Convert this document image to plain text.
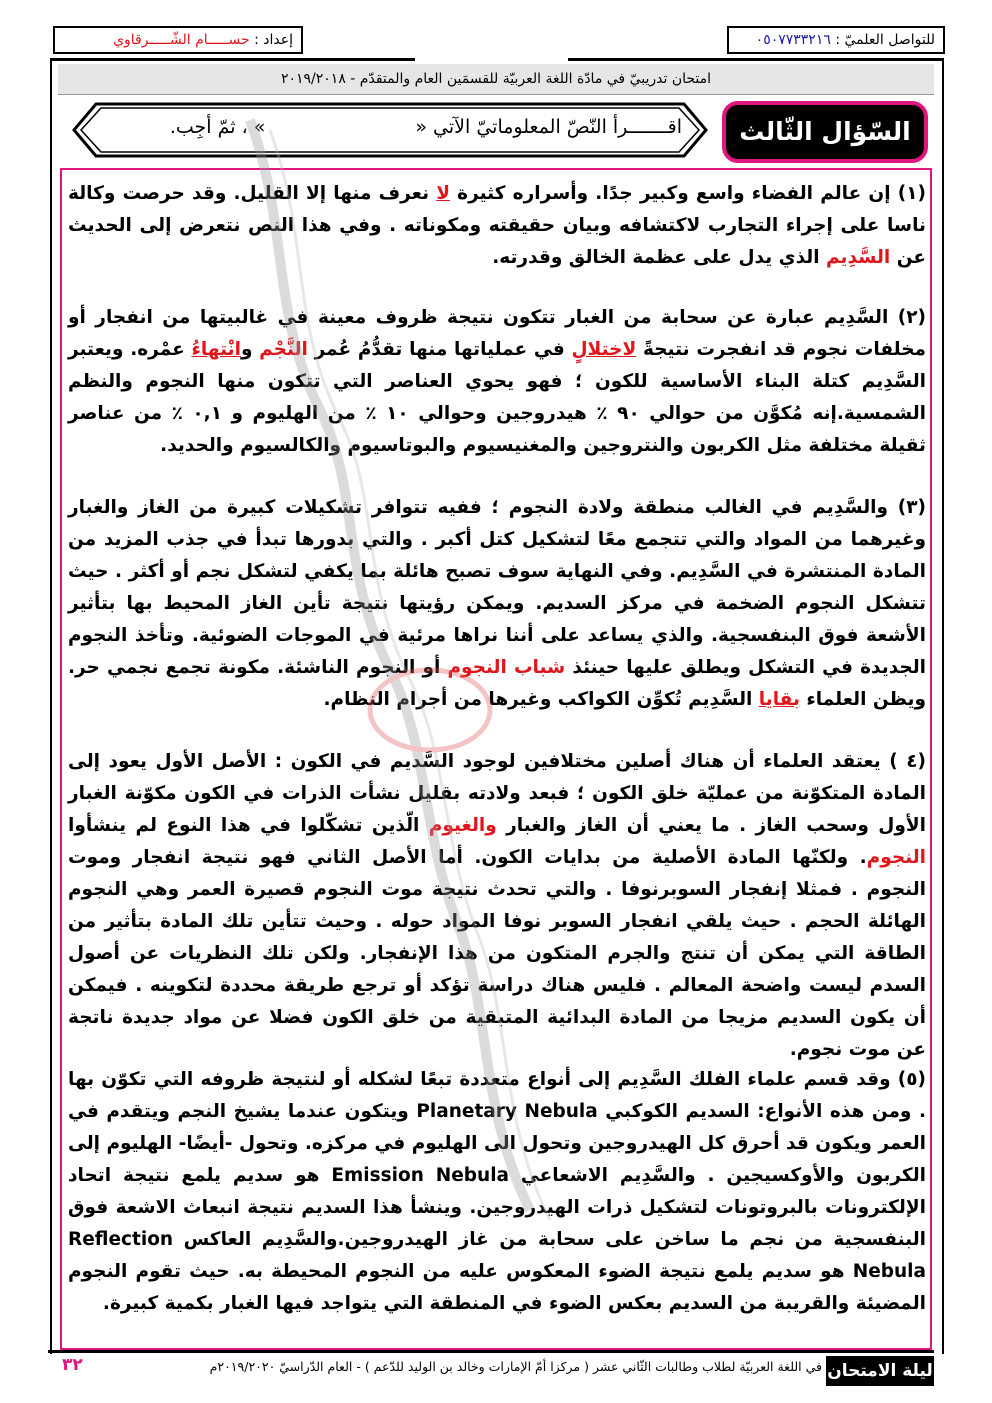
للتواصل العلميّ : ٠٥٠٧٧٣٣٢١٦
إعداد : حســـــام الشّـــــرقاوي
امتحان تدريبيّ في مادّة اللغة العربيّة للقسمَين العام والمتقدّم - ٢٠١٩/٢٠١٨
السّؤال الثّالث
اقـــــــرأ النّصّ المعلوماتيّ الآتي «» ، ثمّ أجِب.
(١) إن عالم الفضاء واسع وكبير جدًا. وأسراره كثيرة لا نعرف منها إلا القليل. وقد حرصت وكالة ناسا على إجراء التجارب لاكتشافه وبيان حقيقته ومكوناته . وفي هذا النص نتعرض إلى الحديث عن السَّدِيم الذي يدل على عظمة الخالق وقدرته.
(٢) السَّدِيم عبارة عن سحابة من الغبار تتكون نتيجة ظروف معينة في غالبيتها من انفجار أو مخلفات نجوم قد انفجرت نتيجةً لاختلالٍ في عملياتها منها تقدُّمُ عُمر النَّجْم وانْتهاءُ عمْره. ويعتبر السَّدِيم كتلة البناء الأساسية للكون ؛ فهو يحوي العناصر التي تتكون منها النجوم والنظم الشمسية.إنه مُكوَّن من حوالي ٩٠ ٪ هيدروجين وحوالي ١٠ ٪ من الهليوم و ٠,١ ٪ من عناصر ثقيلة مختلفة مثل الكربون والنتروجين والمغنيسيوم والبوتاسيوم والكالسيوم والحديد.
(٣) والسَّدِيم في الغالب منطقة ولادة النجوم ؛ ففيه تتوافر تشكيلات كبيرة من الغاز والغبار وغيرهما من المواد والتي تتجمع معًا لتشكيل كتل أكبر . والتي بدورها تبدأ في جذب المزيد من المادة المنتشرة في السَّدِيم. وفي النهاية سوف تصبح هائلة بما يكفي لتشكل نجم أو أكثر . حيث تتشكل النجوم الضخمة في مركز السديم. ويمكن رؤيتها نتيجة تأين الغاز المحيط بها بتأثير الأشعة فوق البنفسجية. والذي يساعد على أننا نراها مرئية في الموجات الضوئية. وتأخذ النجوم الجديدة في التشكل ويطلق عليها حينئذ شباب النجوم أو النجوم الناشئة. مكونة تجمع نجمي حر. ويظن العلماء بقايا السَّدِيم تُكوِّن الكواكب وغيرها من أجرام النظام.
(٤ ) يعتقد العلماء أن هناك أصلين مختلافين لوجود السَّديم في الكون : الأصل الأول يعود إلى المادة المتكوّنة من عمليّة خلق الكون ؛ فبعد ولادته بقليل نشأت الذرات في الكون مكوّنة الغبار الأول وسحب الغاز . ما يعني أن الغاز والغبار والغيوم الّذين تشكّلوا في هذا النوع لم ينشأوا النجوم. ولكنّها المادة الأصلية من بدايات الكون. أما الأصل الثاني فهو نتيجة انفجار وموت النجوم . فمثلا إنفجار السوبرنوفا . والتي تحدث نتيجة موت النجوم قصيرة العمر وهي النجوم الهائلة الحجم . حيث يلقي انفجار السوبر نوفا المواد حوله . وحيث تتأين تلك المادة بتأثير من الطاقة التي يمكن أن تنتج والجرم المتكون من هذا الإنفجار. ولكن تلك النظريات عن أصول السدم ليست واضحة المعالم . فليس هناك دراسة تؤكد أو ترجع طريقة محددة لتكوينه . فيمكن أن يكون السديم مزيجا من المادة البدائية المتبقية من خلق الكون فضلا عن مواد جديدة ناتجة عن موت نجوم.
(٥) وقد قسم علماء الفلك السَّدِيم إلى أنواع متعددة تبعًا لشكله أو لنتيجة ظروفه التي تكوّن بها . ومن هذه الأنواع: السديم الكوكبي Planetary Nebula ويتكون عندما يشيخ النجم ويتقدم في العمر ويكون قد أحرق كل الهيدروجين وتحول الى الهليوم في مركزه. وتحول -أيضًا- الهليوم إلى الكربون والأوكسيجين . والسَّدِيم الاشعاعي Emission Nebula هو سديم يلمع نتيجة اتحاد الإلكترونات بالبروتونات لتشكيل ذرات الهيدروجين. وينشأ هذا السديم نتيجة انبعاث الاشعة فوق البنفسجية من نجم ما ساخن على سحابة من غاز الهيدروجين.والسَّدِيم العاكس Reflection Nebula هو سديم يلمع نتيجة الضوء المعكوس عليه من النجوم المحيطة به. حيث تقوم النجوم المضيئة والقريبة من السديم بعكس الضوء في المنطقة التي يتواجد فيها الغبار بكمية كبيرة.
ليلة الامتحان
في اللغة العربيّة لطلاب وطالبات الثّاني عشر ( مركزا أمّ الإمارات وخالد بن الوليد للدّعم ) - العام الدّراسيّ ٢٠١٩/٢٠٢٠م
٣٢
